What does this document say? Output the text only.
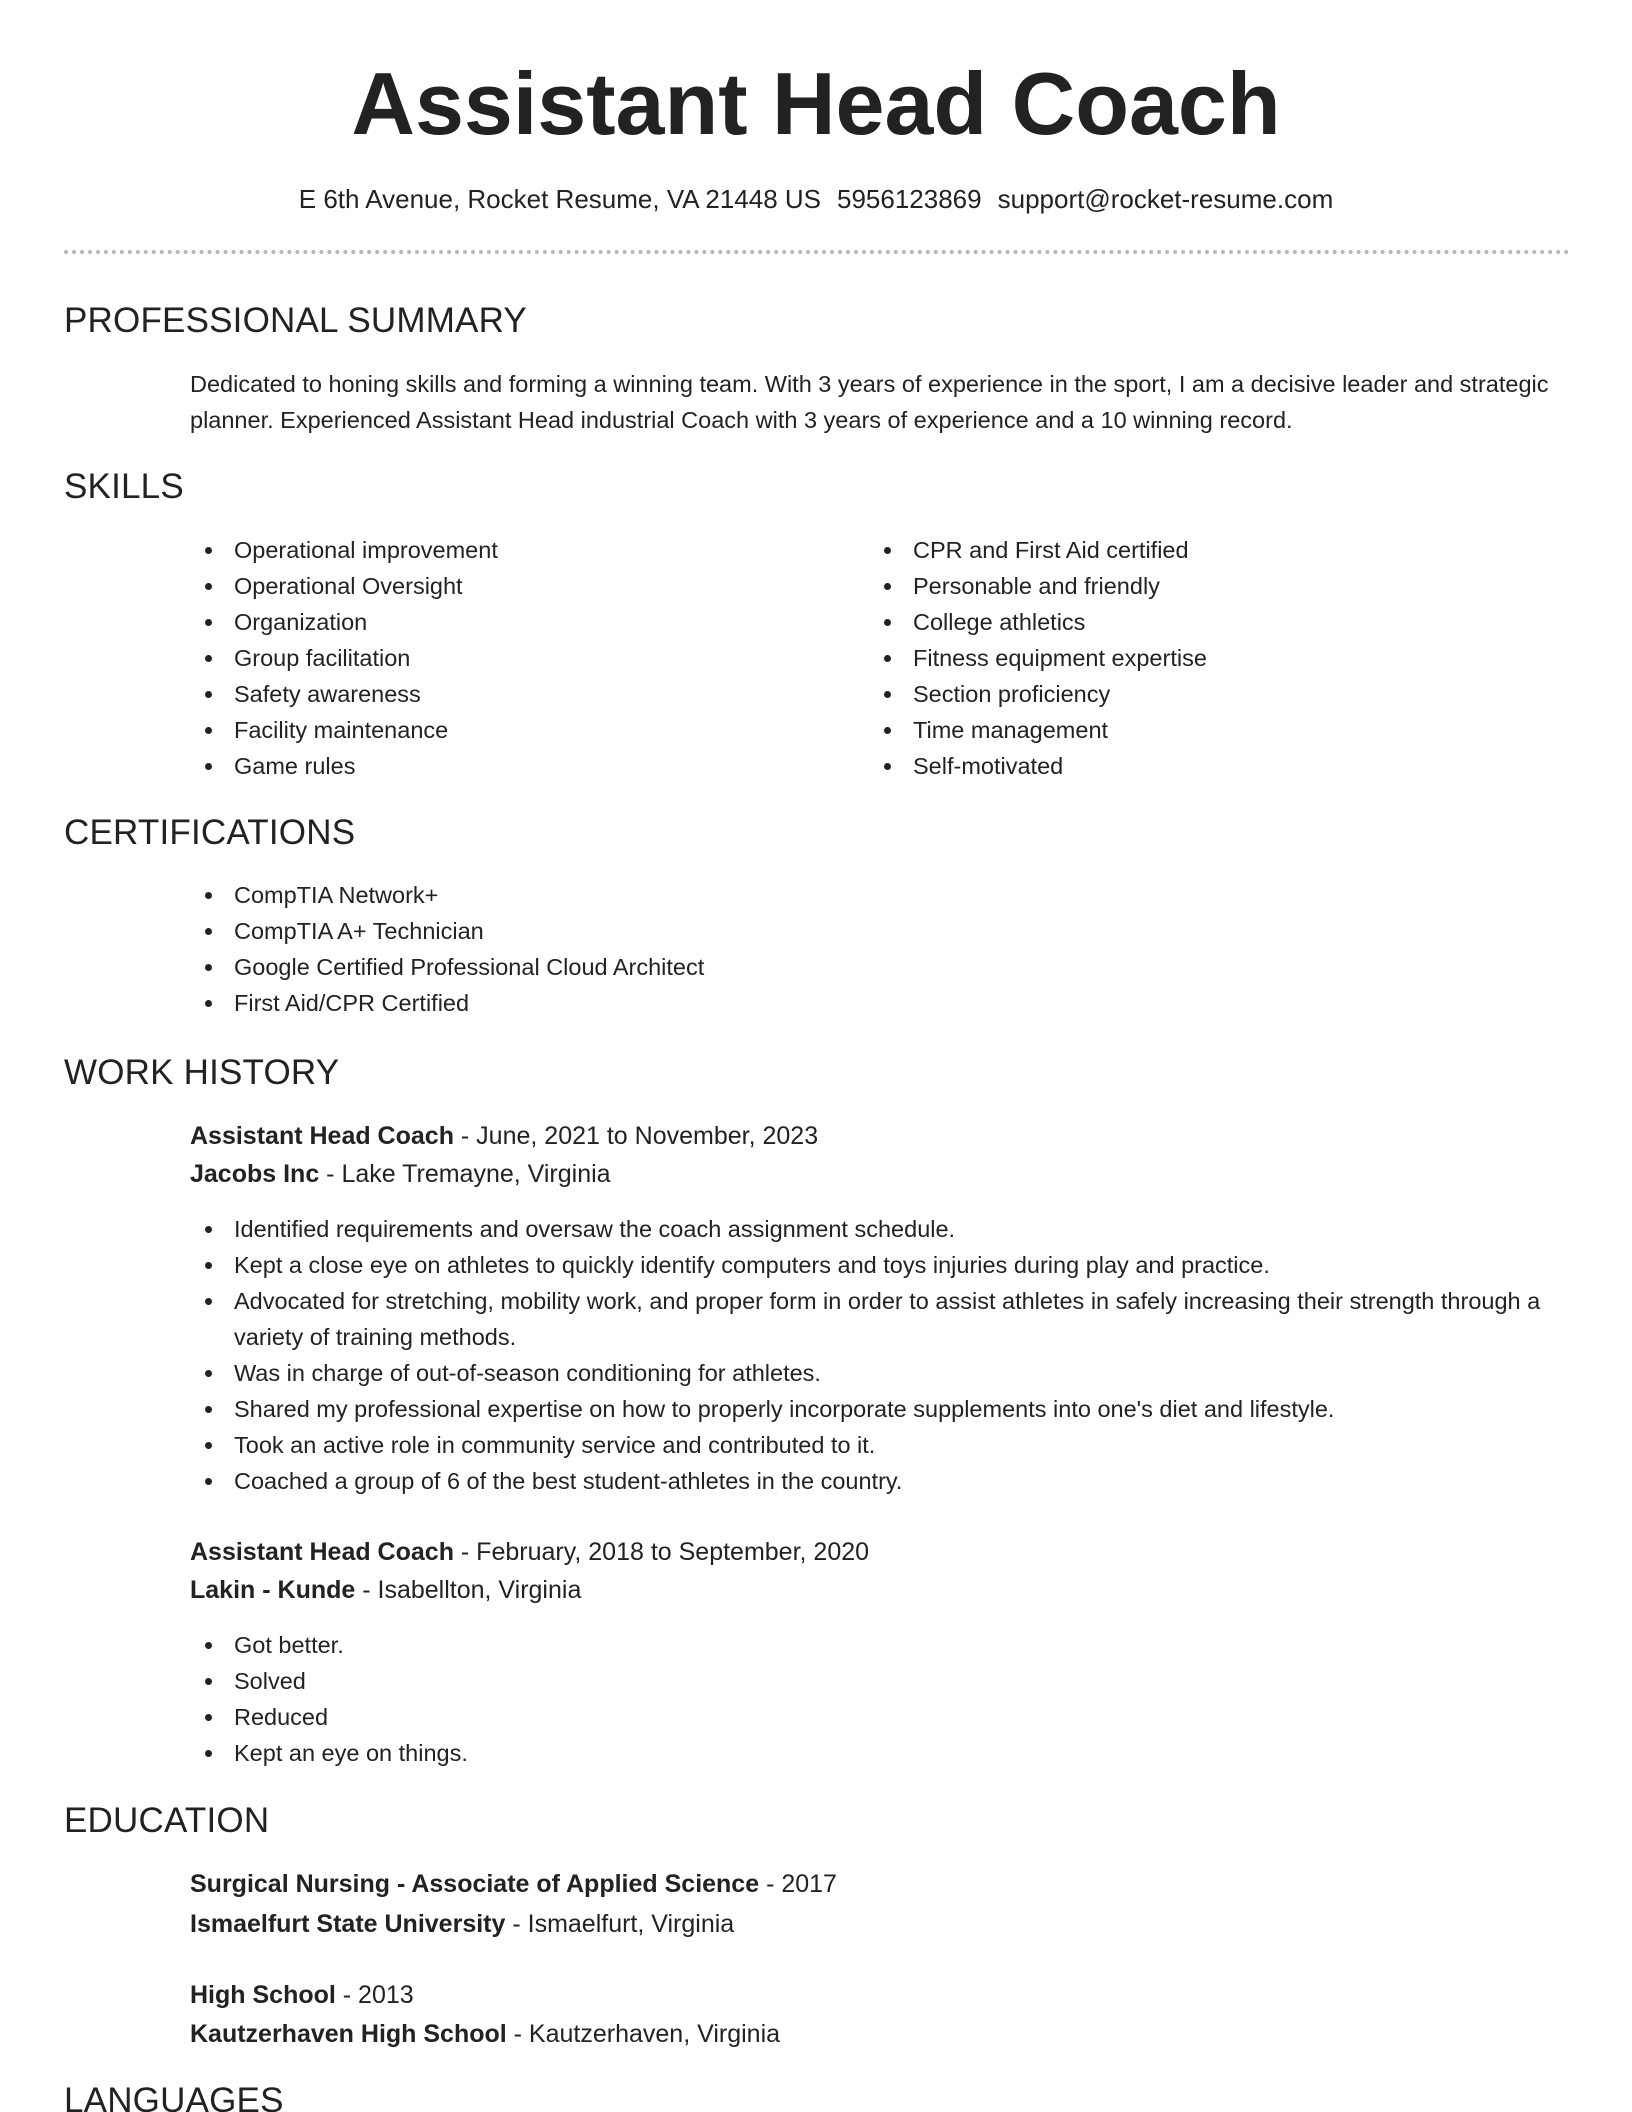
Assistant Head Coach
E 6th Avenue, Rocket Resume, VA 21448 US 5956123869 support@rocket-resume.com
PROFESSIONAL SUMMARY

Dedicated to honing skills and forming a winning team. With 3 years of experience in the sport, I am a decisive leader and strategic planner. Experienced Assistant Head industrial Coach with 3 years of experience and a 10 winning record.

SKILLS
Operational improvement
Operational Oversight
Organization
Group facilitation
Safety awareness
Facility maintenance
Game rules
CPR and First Aid certified
Personable and friendly
College athletics
Fitness equipment expertise
Section proficiency
Time management
Self-motivated
CERTIFICATIONS
CompTIA Network+
CompTIA A+ Technician
Google Certified Professional Cloud Architect
First Aid/CPR Certified
WORK HISTORY
Assistant Head Coach - June, 2021 to November, 2023
Jacobs Inc - Lake Tremayne, Virginia
Identified requirements and oversaw the coach assignment schedule.
Kept a close eye on athletes to quickly identify computers and toys injuries during play and practice.
Advocated for stretching, mobility work, and proper form in order to assist athletes in safely increasing their strength through a variety of training methods.
Was in charge of out-of-season conditioning for athletes.
Shared my professional expertise on how to properly incorporate supplements into one's diet and lifestyle.
Took an active role in community service and contributed to it.
Coached a group of 6 of the best student-athletes in the country.
Assistant Head Coach - February, 2018 to September, 2020
Lakin - Kunde - Isabellton, Virginia
Got better.
Solved
Reduced
Kept an eye on things.
EDUCATION
Surgical Nursing - Associate of Applied Science - 2017
Ismaelfurt State University - Ismaelfurt, Virginia
High School - 2013
Kautzerhaven High School - Kautzerhaven, Virginia
LANGUAGES
